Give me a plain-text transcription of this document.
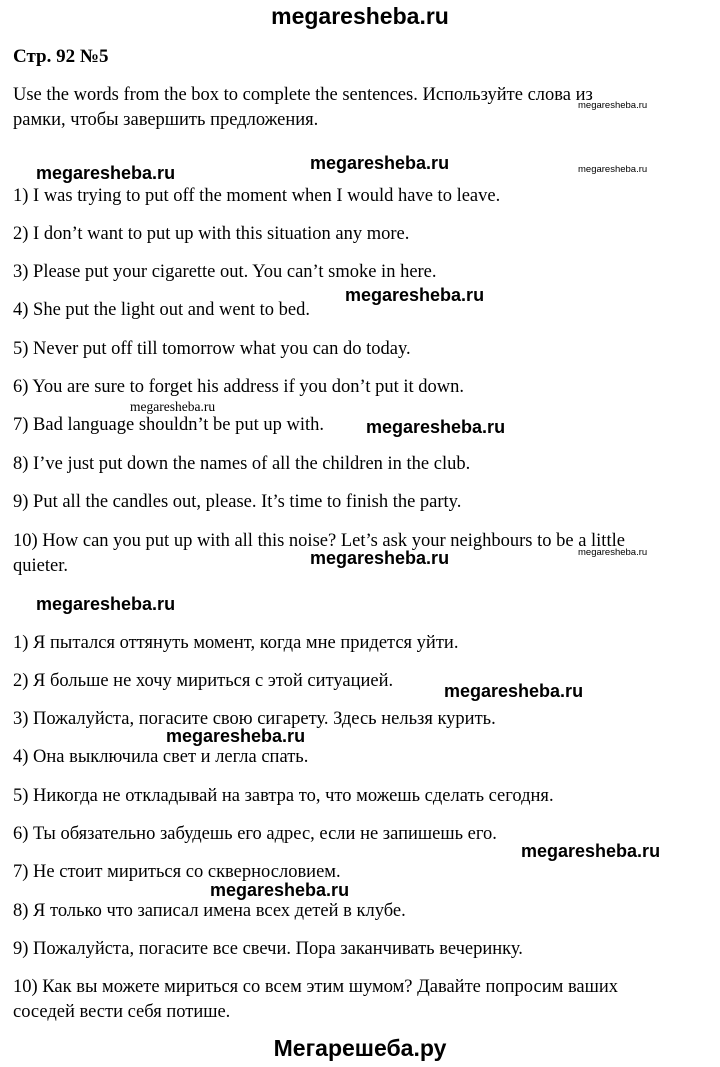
megaresheba.ru
Стр. 92 №5
Use the words from the box to complete the sentences. Используйте слова из
рамки, чтобы завершить предложения.
1) I was trying to put off the moment when I would have to leave.
2) I don’t want to put up with this situation any more.
3) Please put your cigarette out. You can’t smoke in here.
4) She put the light out and went to bed.
5) Never put off till tomorrow what you can do today.
6) You are sure to forget his address if you don’t put it down.
7) Bad language shouldn’t be put up with.
8) I’ve just put down the names of all the children in the club.
9) Put all the candles out, please. It’s time to finish the party.
10) How can you put up with all this noise? Let’s ask your neighbours to be a little
quieter.
1) Я пытался оттянуть момент, когда мне придется уйти.
2) Я больше не хочу мириться с этой ситуацией.
3) Пожалуйста, погасите свою сигарету. Здесь нельзя курить.
4) Она выключила свет и легла спать.
5) Никогда не откладывай на завтра то, что можешь сделать сегодня.
6) Ты обязательно забудешь его адрес, если не запишешь его.
7) Не стоит мириться со сквернословием.
8) Я только что записал имена всех детей в клубе.
9) Пожалуйста, погасите все свечи. Пора заканчивать вечеринку.
10) Как вы можете мириться со всем этим шумом? Давайте попросим ваших
соседей вести себя потише.
megaresheba.ru
megaresheba.ru	megaresheba.ru	megaresheba.ru
megaresheba.ru
megaresheba.ru
megaresheba.ru
megaresheba.ru
megaresheba.ru
megaresheba.ru
megaresheba.ru
megaresheba.ru
megaresheba.ru
megaresheba.ru
Мегарешеба.ру
